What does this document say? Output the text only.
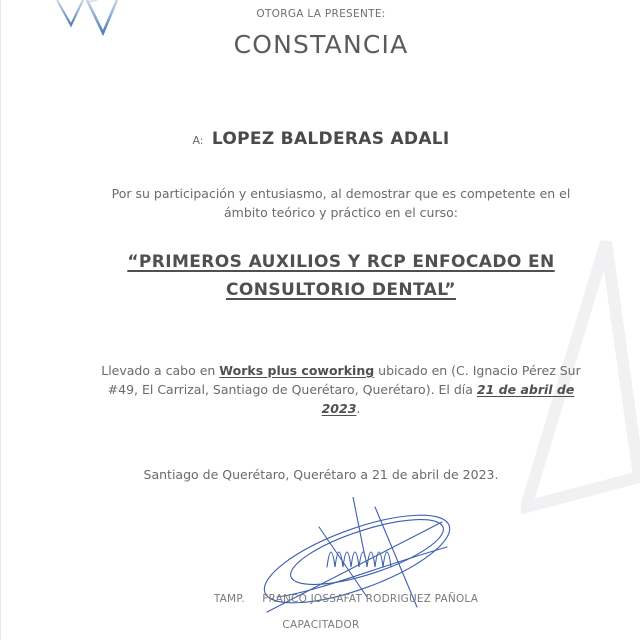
OTORGA LA PRESENTE:
CONSTANCIA
A: LOPEZ BALDERAS ADALI
Por su participación y entusiasmo, al demostrar que es competente en el ámbito teórico y práctico en el curso:
“PRIMEROS AUXILIOS Y RCP ENFOCADO EN
CONSULTORIO DENTAL”
Llevado a cabo en Works plus coworking ubicado en (C. Ignacio Pérez Sur #49, El Carrizal, Santiago de Querétaro, Querétaro). El día 21 de abril de 2023.
Santiago de Querétaro, Querétaro a 21 de abril de 2023.
TAMP. FRANCO JOSSAFAT RODRIGUEZ PAÑOLA
CAPACITADOR
